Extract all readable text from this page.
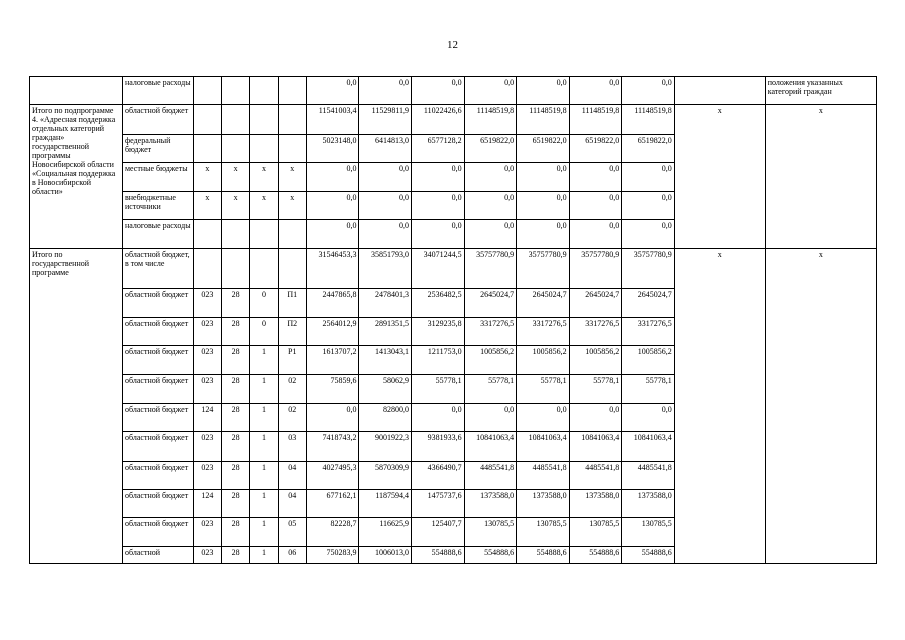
12
	налоговые расходы					0,0	0,0	0,0	0,0	0,0	0,0	0,0		положения указанных категорий граждан
Итого по подпрограмме 4. «Адресная поддержка отдельных категорий граждан» государственной программы Новосибирской области «Социальная поддержка в Новосибирской области»	областной бюджет					11541003,4	11529811,9	11022426,6	11148519,8	11148519,8	11148519,8	11148519,8	x	x
	федеральный бюджет					5023148,0	6414813,0	6577128,2	6519822,0	6519822,0	6519822,0	6519822,0		
	местные бюджеты	x	x	x	x	0,0	0,0	0,0	0,0	0,0	0,0	0,0		
	внебюджетные источники	x	x	x	x	0,0	0,0	0,0	0,0	0,0	0,0	0,0		
	налоговые расходы					0,0	0,0	0,0	0,0	0,0	0,0	0,0		
Итого по государственной программе	областной бюджет, в том числе					31546453,3	35851793,0	34071244,5	35757780,9	35757780,9	35757780,9	35757780,9	x	x
	областной бюджет	023	28	0	П1	2447865,8	2478401,3	2536482,5	2645024,7	2645024,7	2645024,7	2645024,7		
	областной бюджет	023	28	0	П2	2564012,9	2891351,5	3129235,8	3317276,5	3317276,5	3317276,5	3317276,5		
	областной бюджет	023	28	1	P1	1613707,2	1413043,1	1211753,0	1005856,2	1005856,2	1005856,2	1005856,2		
	областной бюджет	023	28	1	02	75859,6	58062,9	55778,1	55778,1	55778,1	55778,1	55778,1		
	областной бюджет	124	28	1	02	0,0	82800,0	0,0	0,0	0,0	0,0	0,0		
	областной бюджет	023	28	1	03	7418743,2	9001922,3	9381933,6	10841063,4	10841063,4	10841063,4	10841063,4		
	областной бюджет	023	28	1	04	4027495,3	5870309,9	4366490,7	4485541,8	4485541,8	4485541,8	4485541,8		
	областной бюджет	124	28	1	04	677162,1	1187594,4	1475737,6	1373588,0	1373588,0	1373588,0	1373588,0		
	областной бюджет	023	28	1	05	82228,7	116625,9	125407,7	130785,5	130785,5	130785,5	130785,5		
	областной	023	28	1	06	750283,9	1006013,0	554888,6	554888,6	554888,6	554888,6	554888,6		
